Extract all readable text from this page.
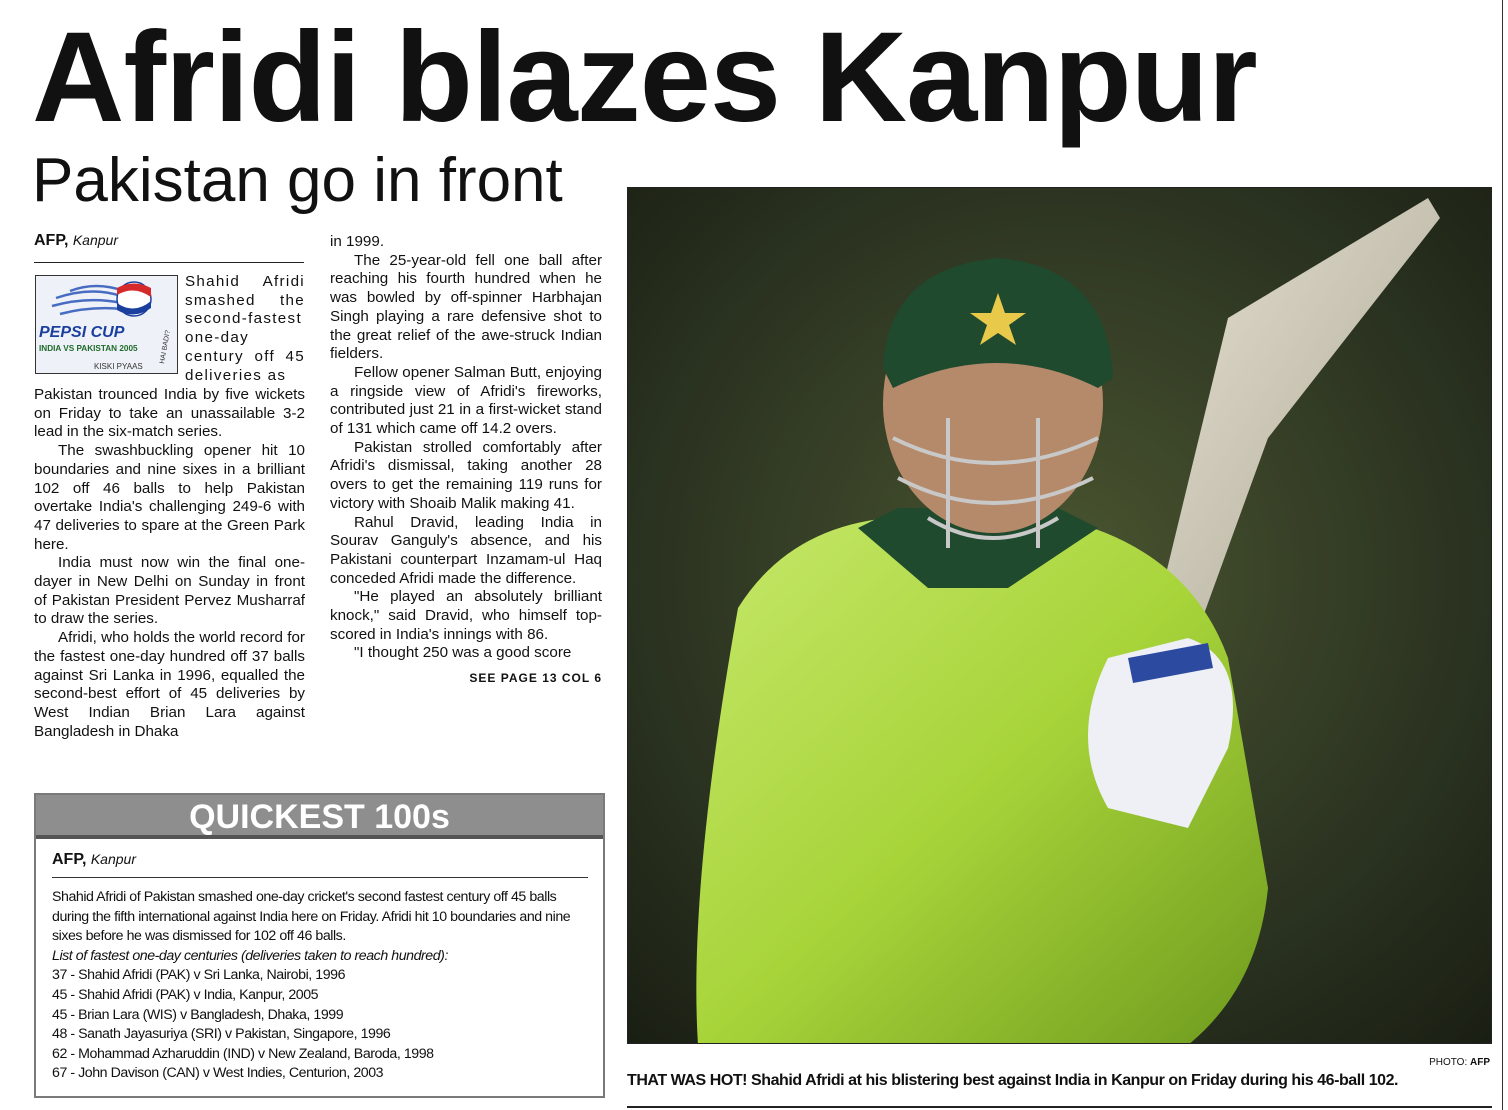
Afridi blazes Kanpur
Pakistan go in front
AFP, Kanpur
PEPSI CUP
INDIA VS PAKISTAN 2005
KISKI PYAAS
HAI BADI?

Shahid Afridi smashed the second-fastest one-day century off 45 deliveries as

Pakistan trounced India by five wickets on Friday to take an unassailable 3-2 lead in the six-match series.

The swashbuckling opener hit 10 boundaries and nine sixes in a brilliant 102 off 46 balls to help Pakistan overtake India's challenging 249-6 with 47 deliveries to spare at the Green Park here.

India must now win the final one-dayer in New Delhi on Sunday in front of Pakistan President Pervez Musharraf to draw the series.

Afridi, who holds the world record for the fastest one-day hundred off 37 balls against Sri Lanka in 1996, equalled the second-best effort of 45 deliveries by West Indian Brian Lara against Bangladesh in Dhaka

in 1999.

The 25-year-old fell one ball after reaching his fourth hundred when he was bowled by off-spinner Harbhajan Singh playing a rare defensive shot to the great relief of the awe-struck Indian fielders.

Fellow opener Salman Butt, enjoying a ringside view of Afridi's fireworks, contributed just 21 in a first-wicket stand of 131 which came off 14.2 overs.

Pakistan strolled comfortably after Afridi's dismissal, taking another 28 overs to get the remaining 119 runs for victory with Shoaib Malik making 41.

Rahul Dravid, leading India in Sourav Ganguly's absence, and his Pakistani counterpart Inzamam-ul Haq conceded Afridi made the difference.

"He played an absolutely brilliant knock," said Dravid, who himself top-scored in India's innings with 86.

"I thought 250 was a good score

SEE PAGE 13 COL 6

QUICKEST 100s
AFP, Kanpur

Shahid Afridi of Pakistan smashed one-day cricket's second fastest century off 45 balls during the fifth international against India here on Friday. Afridi hit 10 boundaries and nine sixes before he was dismissed for 102 off 46 balls.

List of fastest one-day centuries (deliveries taken to reach hundred):

37 - Shahid Afridi (PAK) v Sri Lanka, Nairobi, 1996
45 - Shahid Afridi (PAK) v India, Kanpur, 2005
45 - Brian Lara (WIS) v Bangladesh, Dhaka, 1999
48 - Sanath Jayasuriya (SRI) v Pakistan, Singapore, 1996
62 - Mohammad Azharuddin (IND) v New Zealand, Baroda, 1998
67 - John Davison (CAN) v West Indies, Centurion, 2003
PHOTO: AFP
THAT WAS HOT! Shahid Afridi at his blistering best against India in Kanpur on Friday during his 46-ball 102.
